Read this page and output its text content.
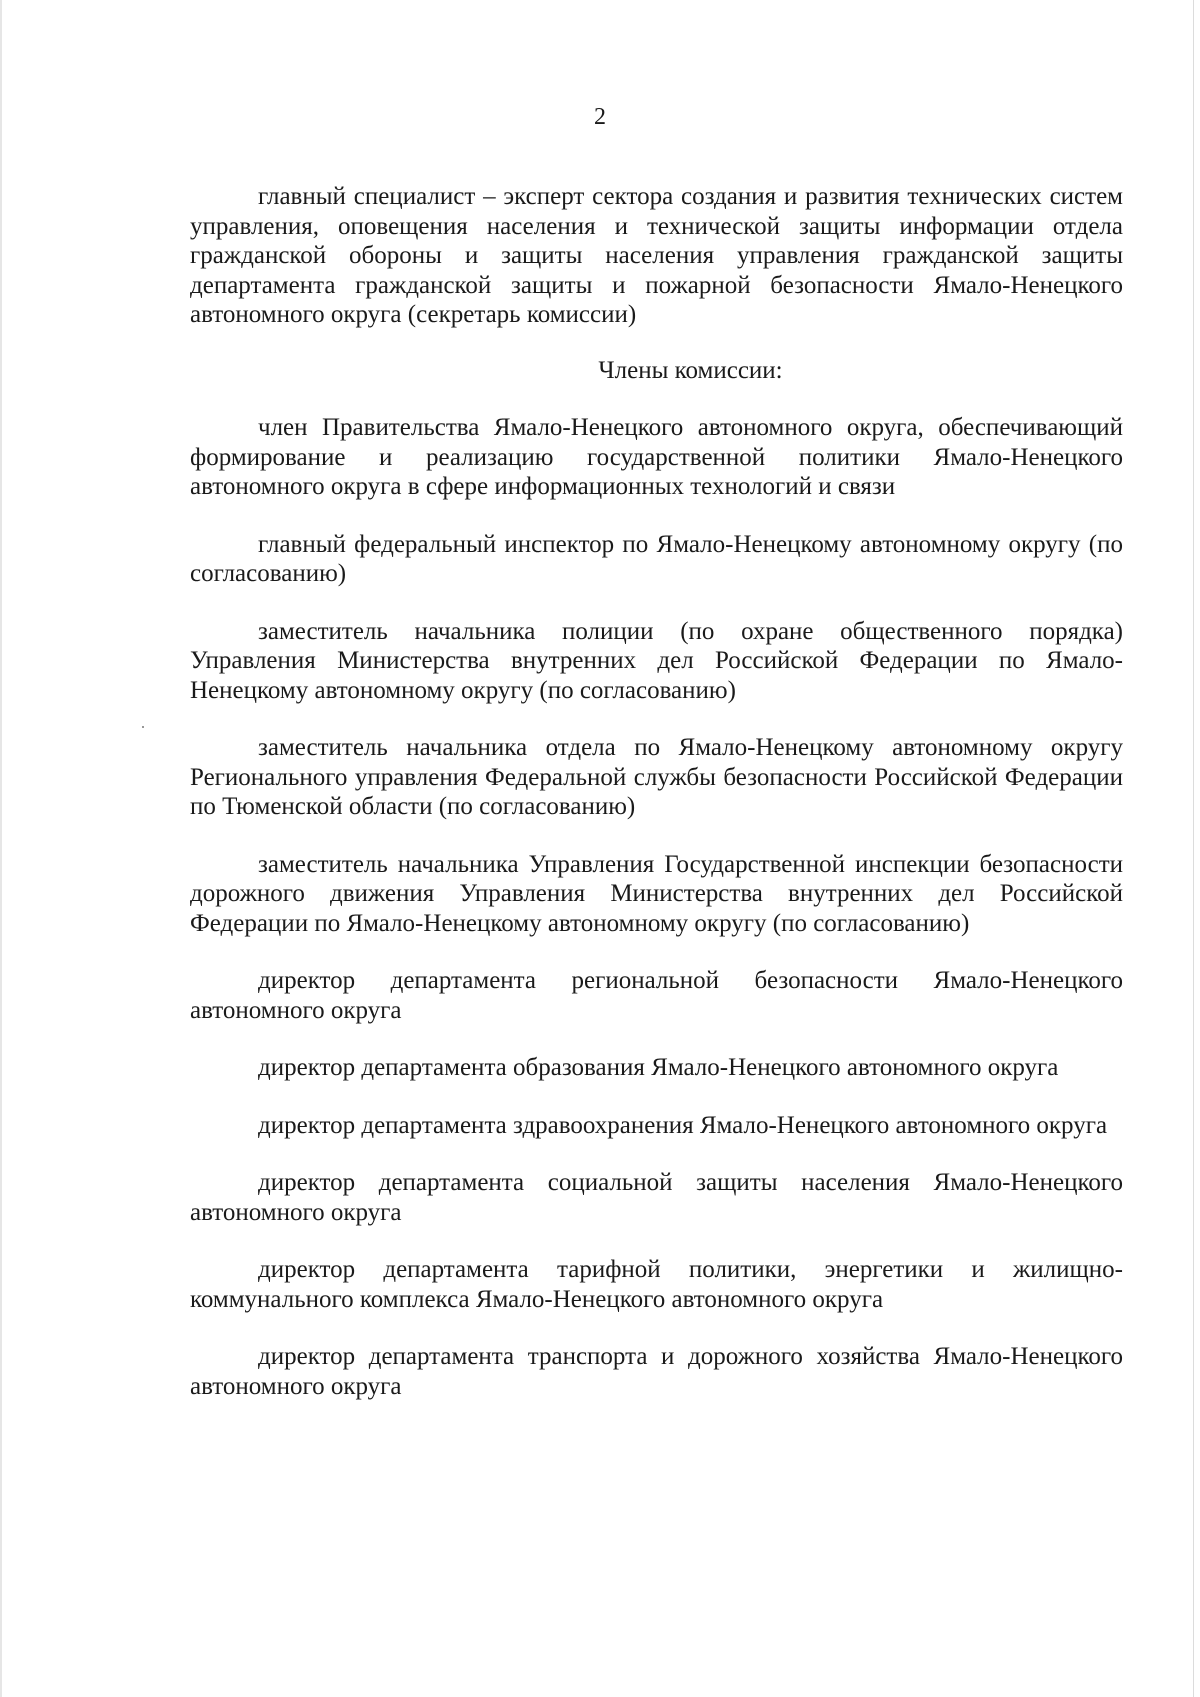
2

главный специалист – эксперт сектора создания и развития технических систем управления, оповещения населения и технической защиты информации отдела гражданской обороны и защиты населения управления гражданской защиты департамента гражданской защиты и пожарной безопасности Ямало-Ненецкого автономного округа (секретарь комиссии)

Члены комиссии:

член Правительства Ямало-Ненецкого автономного округа, обеспечивающий формирование и реализацию государственной политики Ямало-Ненецкого автономного округа в сфере информационных технологий и связи

главный федеральный инспектор по Ямало-Ненецкому автономному округу (по согласованию)

заместитель начальника полиции (по охране общественного порядка) Управления Министерства внутренних дел Российской Федерации по Ямало-Ненецкому автономному округу (по согласованию)

заместитель начальника отдела по Ямало-Ненецкому автономному округу Регионального управления Федеральной службы безопасности Российской Федерации по Тюменской области (по согласованию)

заместитель начальника Управления Государственной инспекции безопасности дорожного движения Управления Министерства внутренних дел Российской Федерации по Ямало-Ненецкому автономному округу (по согласованию)

директор департамента региональной безопасности Ямало-Ненецкого автономного округа

директор департамента образования Ямало-Ненецкого автономного округа

директор департамента здравоохранения Ямало-Ненецкого автономного округа

директор департамента социальной защиты населения Ямало-Ненецкого автономного округа

директор департамента тарифной политики, энергетики и жилищно-коммунального комплекса Ямало-Ненецкого автономного округа

директор департамента транспорта и дорожного хозяйства Ямало-Ненецкого автономного округа
